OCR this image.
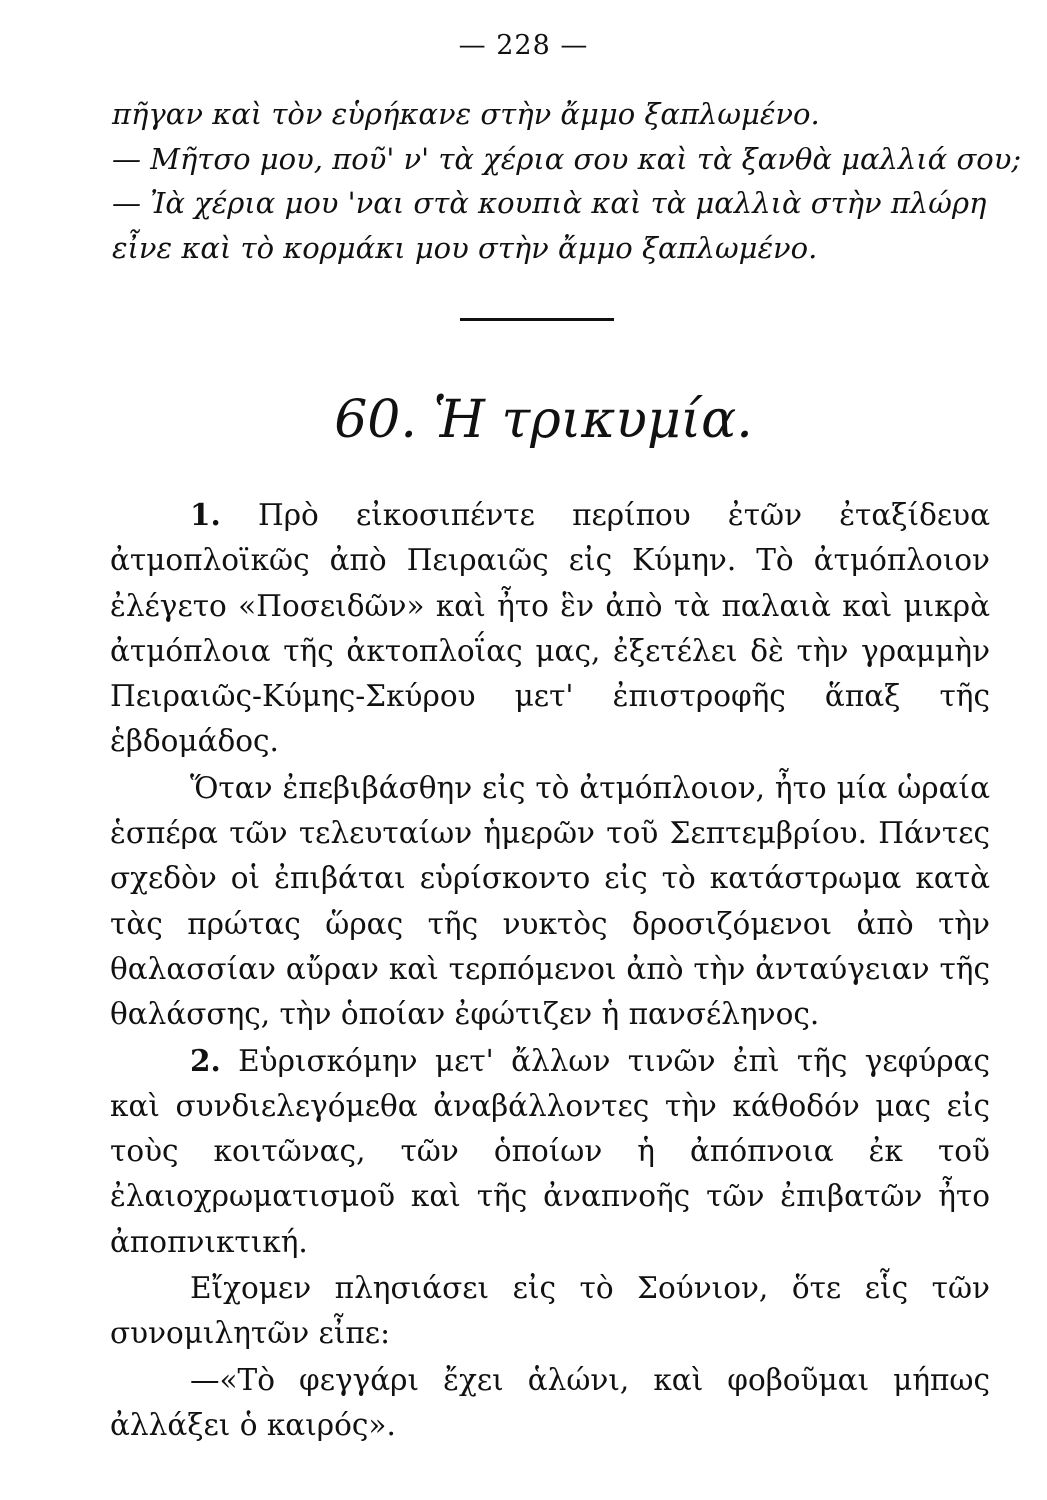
— 228 —
πῆγαν καὶ τὸν εὑρήκανε στὴν ἄμμο ξαπλωμένο.
— Μῆτσο μου, ποῦ' ν' τὰ χέρια σου καὶ τὰ ξανθὰ μαλλιά σου;
— Ἰὰ χέρια μου 'ναι στὰ κουπιὰ καὶ τὰ μαλλιὰ στὴν πλώρη
εἶνε καὶ τὸ κορμάκι μου στὴν ἄμμο ξαπλωμένο.
60. Ἡ τρικυμία.

1. Πρὸ εἰκοσιπέντε περίπου ἐτῶν ἐταξίδευα ἀτμοπλοϊκῶς ἀπὸ Πειραιῶς εἰς Κύμην. Τὸ ἀτμόπλοιον ἐλέγετο «Ποσειδῶν» καὶ ἦτο ἓν ἀπὸ τὰ παλαιὰ καὶ μικρὰ ἀτμόπλοια τῆς ἀκτοπλοΐας μας, ἐξετέλει δὲ τὴν γραμμὴν Πειραιῶς-Κύμης-Σκύρου μετ' ἐπιστροφῆς ἅπαξ τῆς ἑβδομάδος.

Ὅταν ἐπεβιβάσθην εἰς τὸ ἀτμόπλοιον, ἦτο μία ὡραία ἑσπέρα τῶν τελευταίων ἡμερῶν τοῦ Σεπτεμβρίου. Πάντες σχεδὸν οἱ ἐπιβάται εὑρίσκοντο εἰς τὸ κατάστρωμα κατὰ τὰς πρώτας ὥρας τῆς νυκτὸς δροσιζόμενοι ἀπὸ τὴν θαλασσίαν αὔραν καὶ τερπόμενοι ἀπὸ τὴν ἀνταύγειαν τῆς θαλάσσης, τὴν ὁποίαν ἐφώτιζεν ἡ πανσέληνος.

2. Εὑρισκόμην μετ' ἄλλων τινῶν ἐπὶ τῆς γεφύρας καὶ συνδιελεγόμεθα ἀναβάλλοντες τὴν κάθοδόν μας εἰς τοὺς κοιτῶνας, τῶν ὁποίων ἡ ἀπόπνοια ἐκ τοῦ ἐλαιοχρωματισμοῦ καὶ τῆς ἀναπνοῆς τῶν ἐπιβατῶν ἦτο ἀποπνικτική.

Εἴχομεν πλησιάσει εἰς τὸ Σούνιον, ὅτε εἷς τῶν συνομιλητῶν εἶπε:

—«Τὸ φεγγάρι ἔχει ἁλώνι, καὶ φοβοῦμαι μήπως ἀλλάξει ὁ καιρός».
